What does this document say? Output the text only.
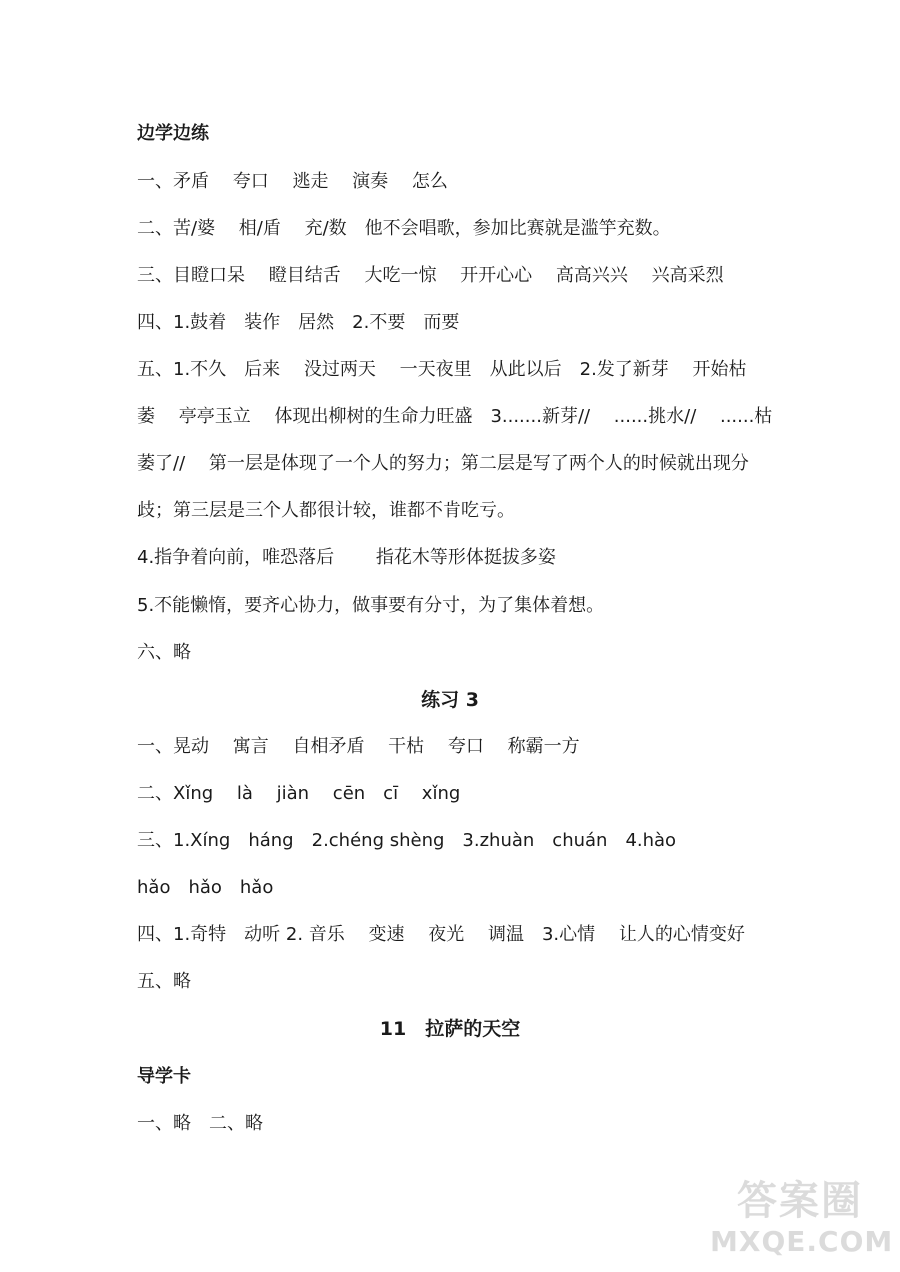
边学边练
一、矛盾　 夸口　 逃走　 演奏　 怎么
二、苦/婆　 相/盾　 充/数　他不会唱歌，参加比赛就是滥竽充数。
三、目瞪口呆　 瞪目结舌　 大吃一惊　 开开心心　 高高兴兴　 兴高采烈
四、1.鼓着　装作　居然　2.不要　而要
五、1.不久　后来　 没过两天　 一天夜里　从此以后　2.发了新芽　 开始枯
萎　 亭亭玉立　 体现出柳树的生命力旺盛　3.......新芽//　 ......挑水//　 ......枯
萎了//　 第一层是体现了一个人的努力；第二层是写了两个人的时候就出现分
歧；第三层是三个人都很计较，谁都不肯吃亏。
4.指争着向前，唯恐落后　　 指花木等形体挺拔多姿
5.不能懒惰，要齐心协力，做事要有分寸，为了集体着想。
六、略
练习 3
一、晃动　 寓言　 自相矛盾　 干枯　 夸口　 称霸一方
二、Xǐng　 là　 jiàn　 cēn　cī　 xǐng
三、1.Xíng　háng　2.chéng shèng　3.zhuàn　chuán　4.hào
hǎo　hǎo　hǎo
四、1.奇特　动听 2. 音乐　 变速　 夜光　 调温　3.心情　 让人的心情变好
五、略
11　拉萨的天空
导学卡
一、略　二、略
答案圈
MXQE.COM
